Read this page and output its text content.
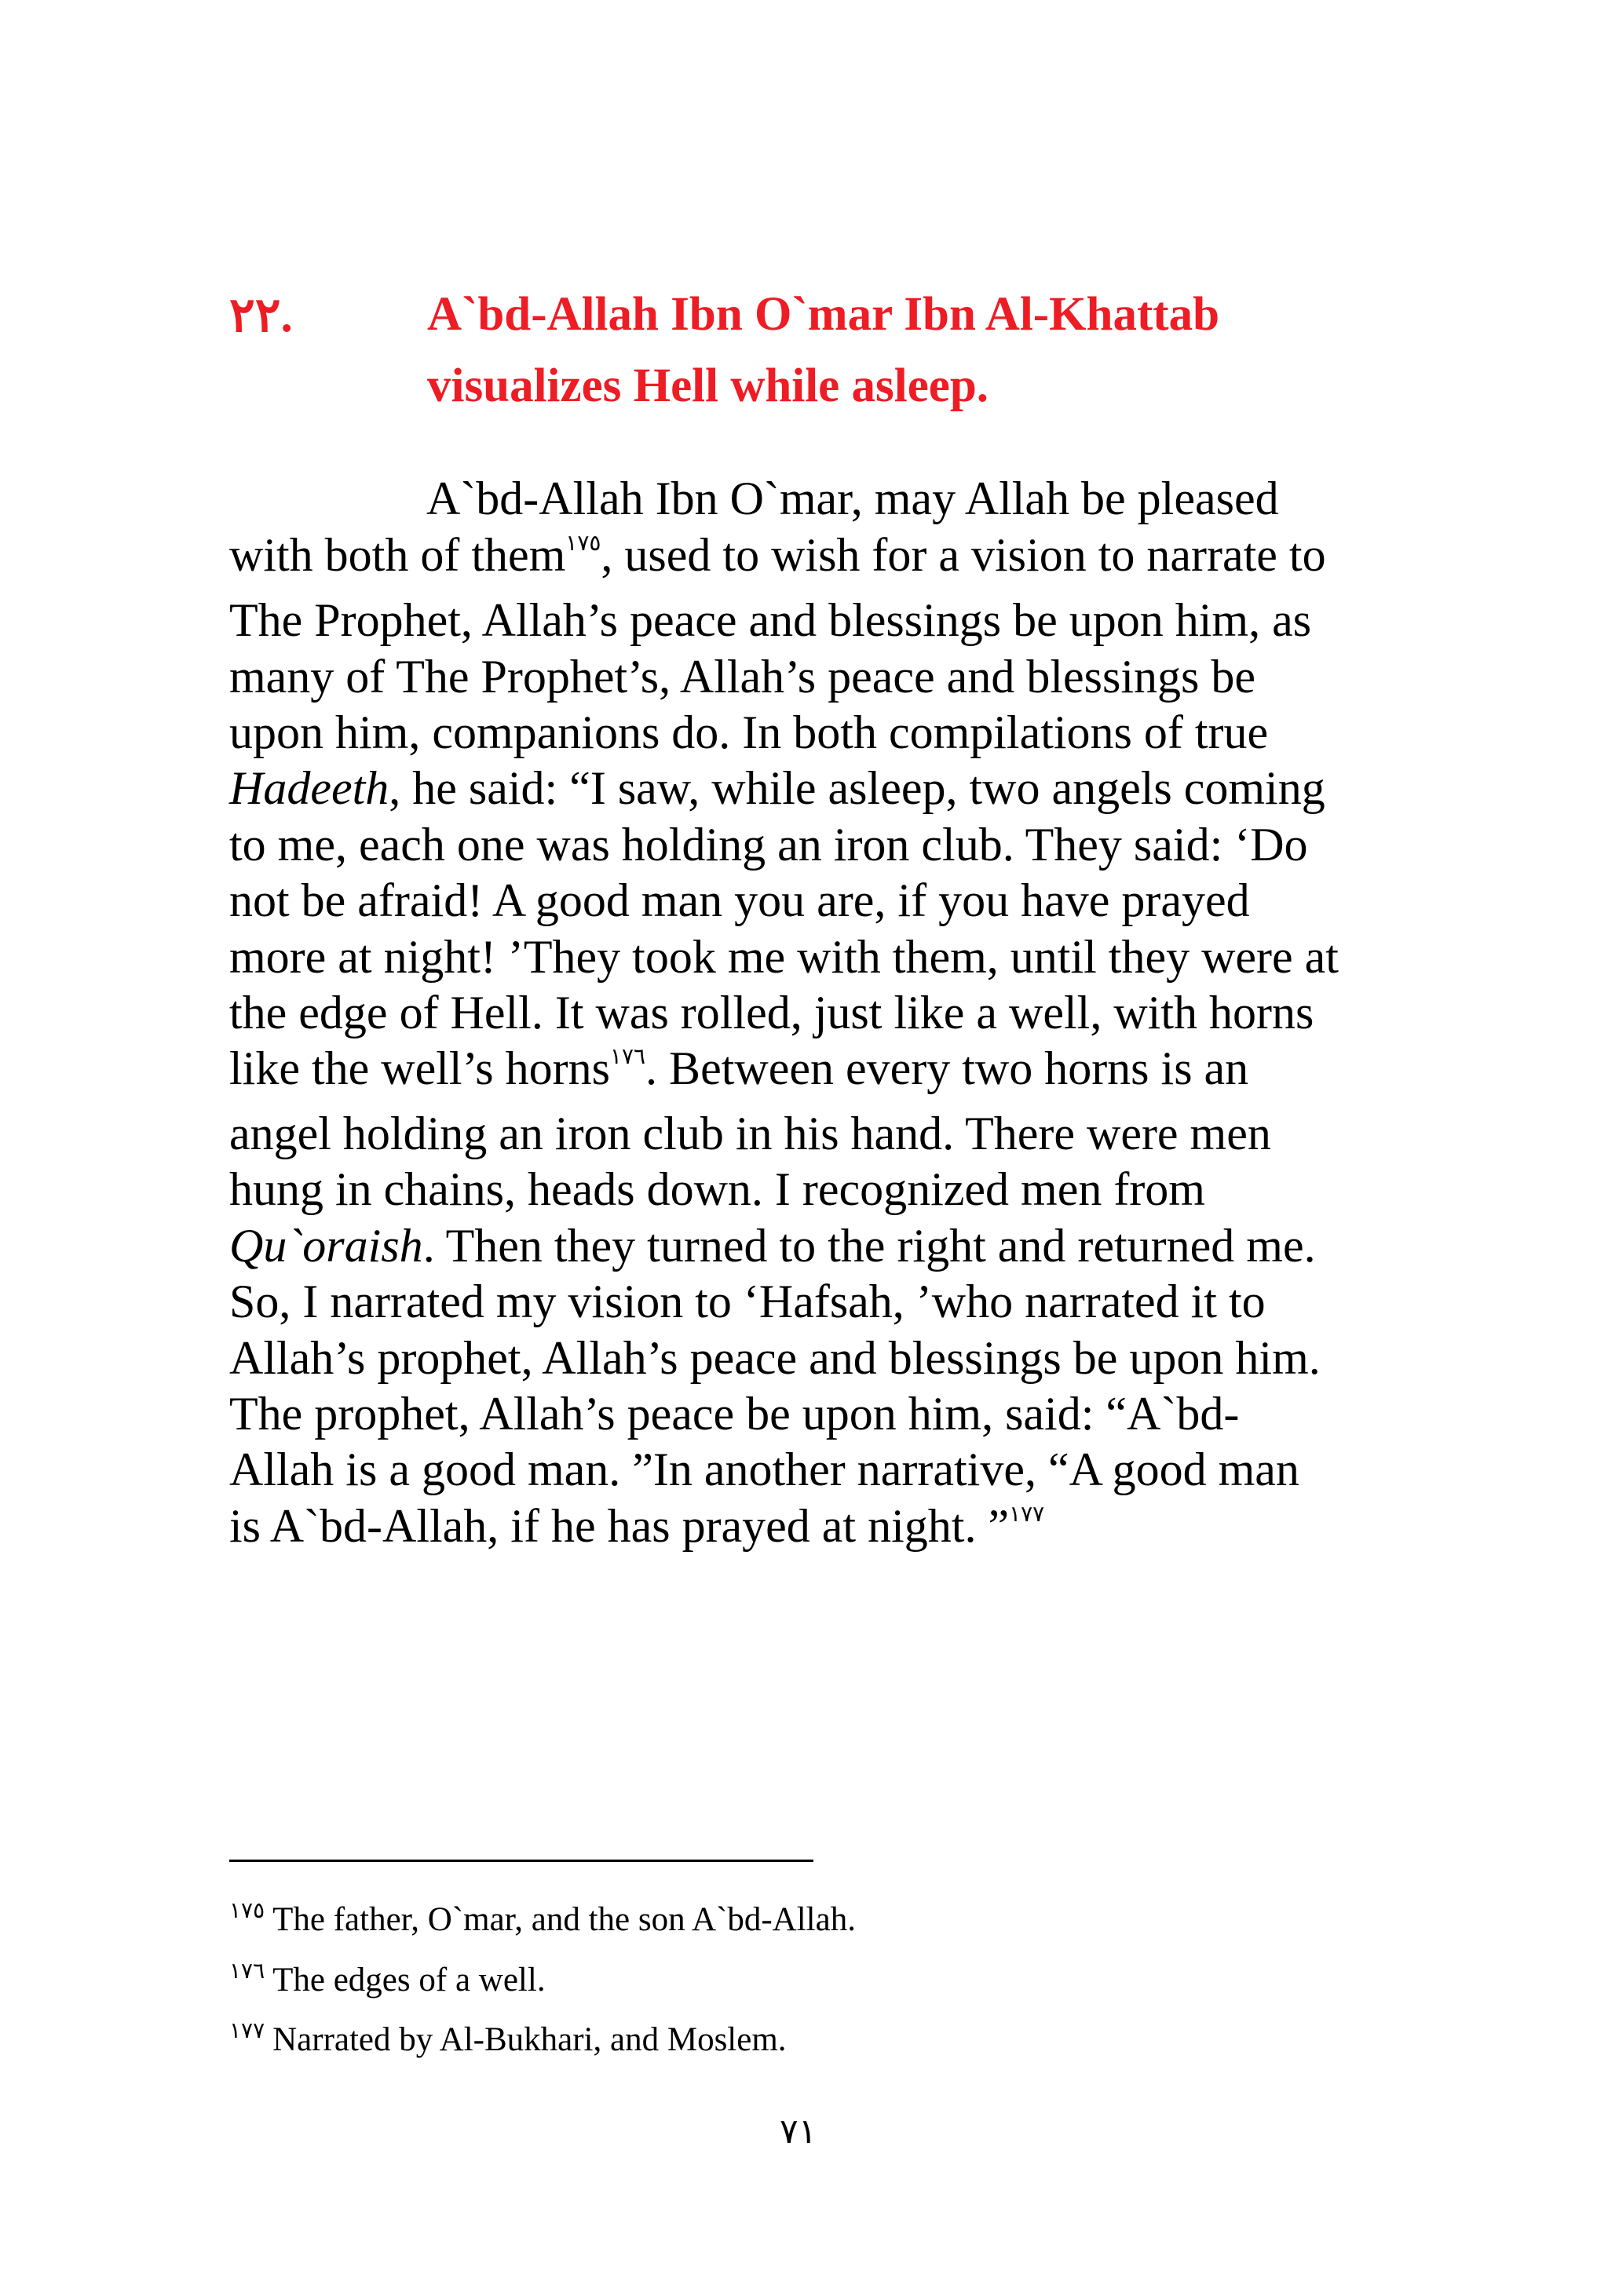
٢٢.	A`bd-Allah Ibn O`mar Ibn Al-Khattab
visualizes Hell while asleep.
A`bd-Allah Ibn O`mar, may Allah be pleased
with both of them$^{١٧٥}$, used to wish for a vision to narrate to
The Prophet, Allah’s peace and blessings be upon him, as
many of The Prophet’s, Allah’s peace and blessings be
upon him, companions do. In both compilations of true
Hadeeth, he said: “I saw, while asleep, two angels coming
to me, each one was holding an iron club. They said: ‘Do
not be afraid! A good man you are, if you have prayed
more at night! ’They took me with them, until they were at
the edge of Hell. It was rolled, just like a well, with horns
like the well’s horns$^{١٧٦}$. Between every two horns is an
angel holding an iron club in his hand. There were men
hung in chains, heads down. I recognized men from
Qu`oraish. Then they turned to the right and returned me.
So, I narrated my vision to ‘Hafsah, ’who narrated it to
Allah’s prophet, Allah’s peace and blessings be upon him.
The prophet, Allah’s peace be upon him, said: “A`bd-
Allah is a good man. ”In another narrative, “A good man
is A`bd-Allah, if he has prayed at night. ”$^{١٧٧}$
$^{١٧٥}$ The father, O`mar, and the son A`bd-Allah.
$^{١٧٦}$ The edges of a well.
$^{١٧٧}$ Narrated by Al-Bukhari, and Moslem.
٧١
